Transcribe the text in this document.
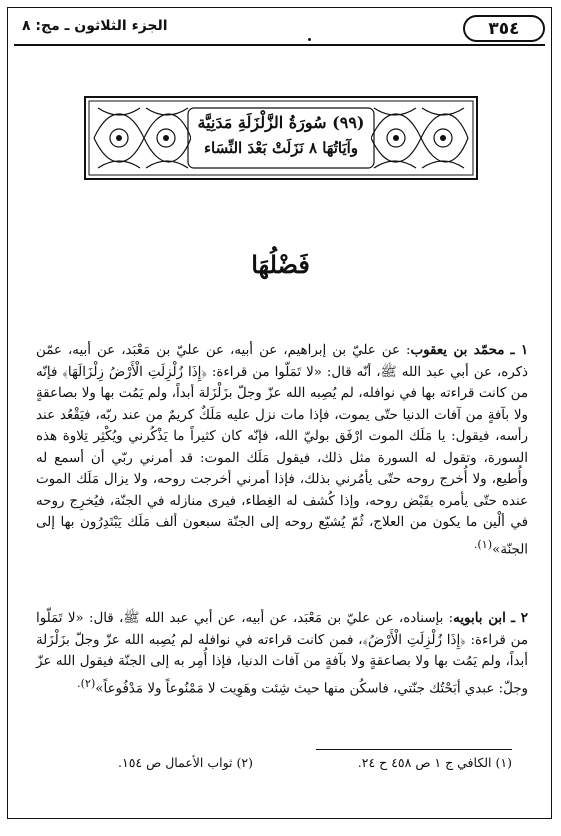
٣٥٤
الجزء الثلاثون ـ مج: ٨
(٩٩) سُورَةُ الزَّلْزَلَةِ مَدَنِيَّة
وآيَاتُهَا ٨ نَزَلَتْ بَعْدَ النِّسَاء
فَضْلُهَا

١ ـ محمّد بن يعقوب: عن عليّ بن إبراهيم، عن أبيه، عن عليّ بن مَعْبَد، عن أبيه، عمّن ذكره، عن أبي عبد الله ﷺ، أنّه قال: «لا تَمَلّوا من قراءة: ﴿إِذَا زُلْزِلَتِ الْأَرْضُ زِلْزَالَهَا﴾ فإنّه من كانت قراءته بها في نوافله، لم يُصِبه الله عزّ وجلّ بزَلْزَلة أبداً، ولم يَمُت بها ولا بصاعقةٍ ولا بآفةٍ من آفات الدنيا حتّى يموت، فإذا مات نزل عليه مَلَكٌ كريمٌ من عند ربّه، فيَقْعُد عند رأسه، فيقول: يا مَلَك الموت ارْفَق بوليّ الله، فإنّه كان كثيراً ما يَذْكُرني ويُكْثِر تِلاوة هذه السورة، وتقول له السورة مثل ذلك، فيقول مَلَك الموت: قد أمرني ربّي أن أسمع له وأُطيع، ولا أُخرج روحه حتّى يأمُرني بذلك، فإذا أمرني أخرجت روحه، ولا يزال مَلَك الموت عنده حتّى يأمره بقَبْض روحه، وإذا كُشف له الغِطاء، فيرى منازله في الجنّة، فيُخرِج روحه في ألْين ما يكون من العلاج، ثُمّ يُشيّع روحه إلى الجنّة سبعون ألف مَلَك يَبْتَدِرُون بها إلى الجنّة»$^{(١).}$

٢ ـ ابن بابويه: بإسناده، عن عليّ بن مَعْبَد، عن أبيه، عن أبي عبد الله ﷺ، قال: «لا تَمَلّوا من قراءة: ﴿إِذَا زُلْزِلَتِ الْأَرْضُ﴾، فمن كانت قراءته في نوافله لم يُصِبه الله عزّ وجلّ بزَلْزَلة أبداً، ولم يَمُت بها ولا بصاعقةٍ ولا بآفةٍ من آفات الدنيا، فإذا أُمِر به إلى الجنّة فيقول الله عزّ وجلّ: عبدي أبَحْتُك جنّتي، فاسكُن منها حيث شِئت وهَوِيت لا مَمْنُوعاً ولا مَدْفُوعاً»$^{(٢).}$

(١) الكافي ج ١ ص ٤٥٨ ح ٢٤.
(٢) ثواب الأعمال ص ١٥٤.
